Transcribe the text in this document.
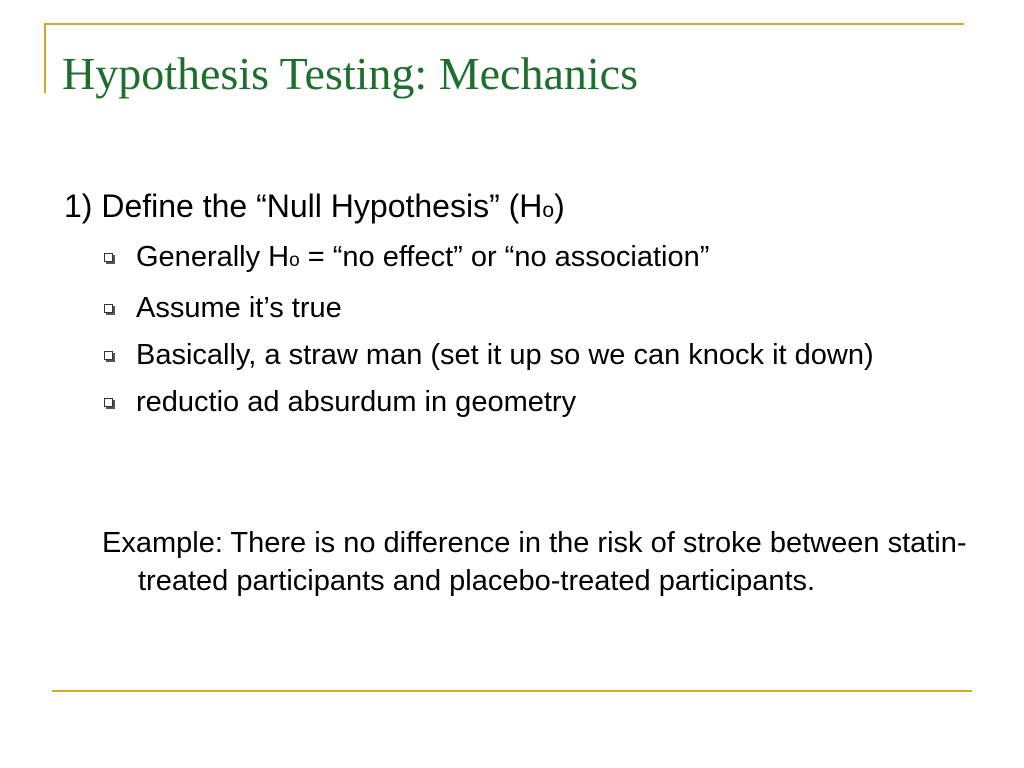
Hypothesis Testing: Mechanics
1) Define the “Null Hypothesis” (Ho)
Generally Ho = “no effect” or “no association”
Assume it’s true
Basically, a straw man (set it up so we can knock it down)
reductio ad absurdum in geometry
Example: There is no difference in the risk of stroke between statin-treated participants and placebo-treated participants.
